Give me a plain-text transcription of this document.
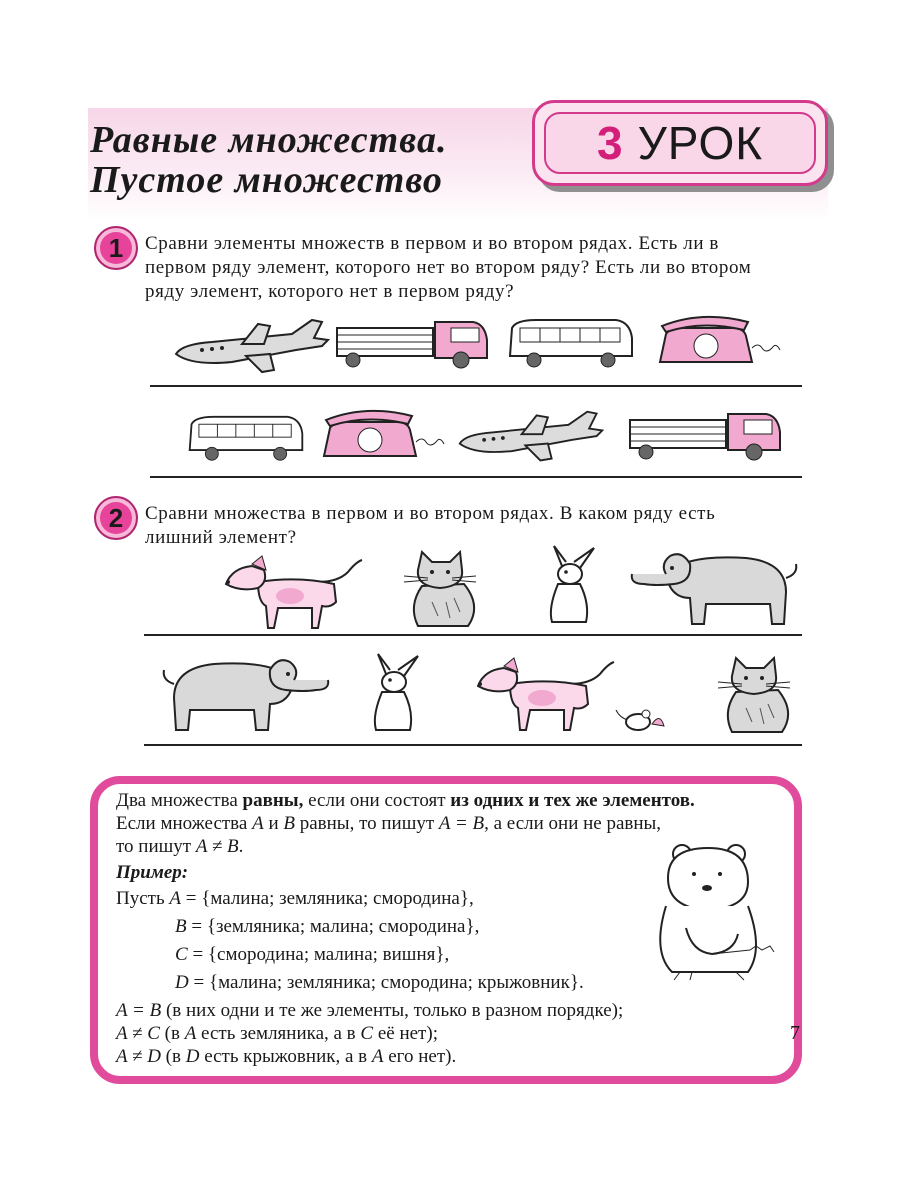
Равные множества.
Пустое множество
3 УРОК
1	Сравни элементы множеств в первом и во втором рядах. Есть ли в
первом ряду элемент, которого нет во втором ряду? Есть ли во втором
ряду элемент, которого нет в первом ряду?
2	Сравни множества в первом и во втором рядах. В каком ряду есть
лишний элемент?
Два множества равны, если они состоят из одних и тех же элементов.
Если множества A и B равны, то пишут A = B, а если они не равны,
то пишут A ≠ B.
Пример:
Пусть A = {малина; земляника; смородина},
B = {земляника; малина; смородина},
C = {смородина; малина; вишня},
D = {малина; земляника; смородина; крыжовник}.
A = B (в них одни и те же элементы, только в разном порядке);
A ≠ C (в A есть земляника, а в C её нет);
A ≠ D (в D есть крыжовник, а в A его нет).
7
